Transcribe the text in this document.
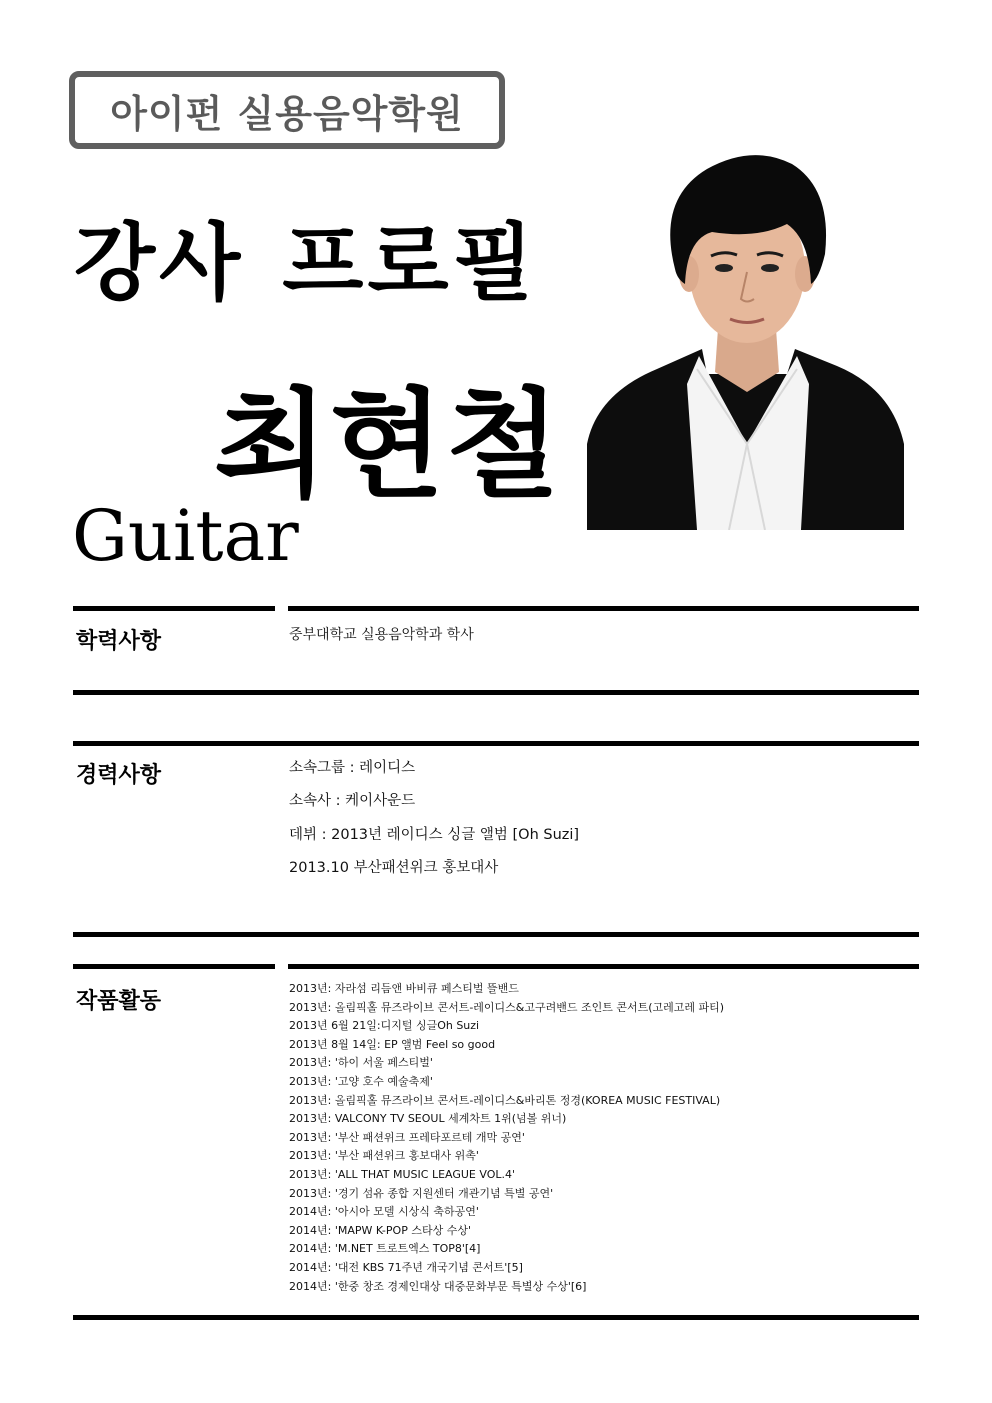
아이펀 실용음악학원
강사 프로필
최현철
Guitar
학력사항	중부대학교 실용음악학과 학사
경력사항	소속그룹 : 레이디스
소속사 : 케이사운드
데뷔 : 2013년 레이디스 싱글 앨범 [Oh Suzi]
2013.10 부산패션위크 홍보대사
작품활동
2013년: 자라섬 리듬앤 바비큐 페스티벌 뜰밴드
2013년: 올림픽홀 뮤즈라이브 콘서트-레이디스&고구려밴드 조인트 콘서트(고레고레 파티)
2013년 6월 21일:디지털 싱글Oh Suzi
2013년 8월 14일: EP 앨범 Feel so good
2013년: '하이 서울 페스티벌'
2013년: '고양 호수 예술축제'
2013년: 올림픽홀 뮤즈라이브 콘서트-레이디스&바리톤 정경(KOREA MUSIC FESTIVAL)
2013년: VALCONY TV SEOUL 세계차트 1위(넘볼 위너)
2013년: '부산 패션위크 프레타포르테 개막 공연'
2013년: '부산 패션위크 홍보대사 위촉'
2013년: 'ALL THAT MUSIC LEAGUE VOL.4'
2013년: '경기 섬유 종합 지원센터 개관기념 특별 공연'
2014년: '아시아 모델 시상식 축하공연'
2014년: 'MAPW K-POP 스타상 수상'
2014년: 'M.NET 트로트엑스 TOP8'[4]
2014년: '대전 KBS 71주년 개국기념 콘서트'[5]
2014년: '한중 창조 경제인대상 대중문화부문 특별상 수상'[6]
